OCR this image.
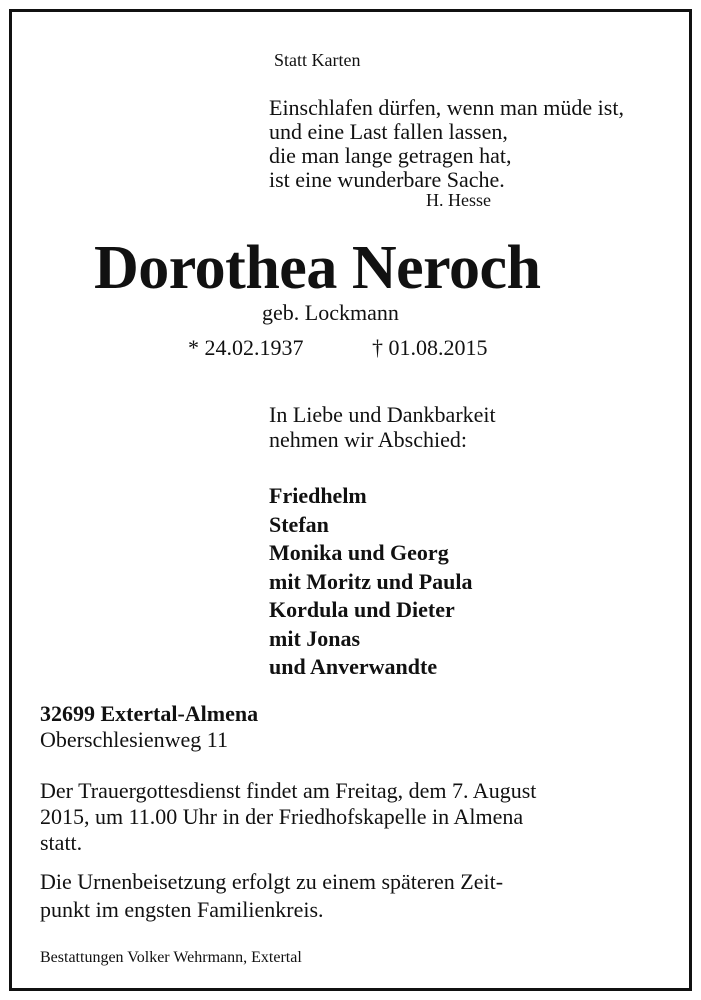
Statt Karten
Einschlafen dürfen, wenn man müde ist,
und eine Last fallen lassen,
die man lange getragen hat,
ist eine wunderbare Sache.
H. Hesse
Dorothea Neroch
geb. Lockmann
* 24.02.1937	† 01.08.2015
In Liebe und Dankbarkeit
nehmen wir Abschied:
Friedhelm
Stefan
Monika und Georg
mit Moritz und Paula
Kordula und Dieter
mit Jonas
und Anverwandte
32699 Extertal-Almena
Oberschlesienweg 11
Der Trauergottesdienst findet am Freitag, dem 7. August
2015, um 11.00 Uhr in der Friedhofskapelle in Almena
statt.
Die Urnenbeisetzung erfolgt zu einem späteren Zeit-
punkt im engsten Familienkreis.
Bestattungen Volker Wehrmann, Extertal
